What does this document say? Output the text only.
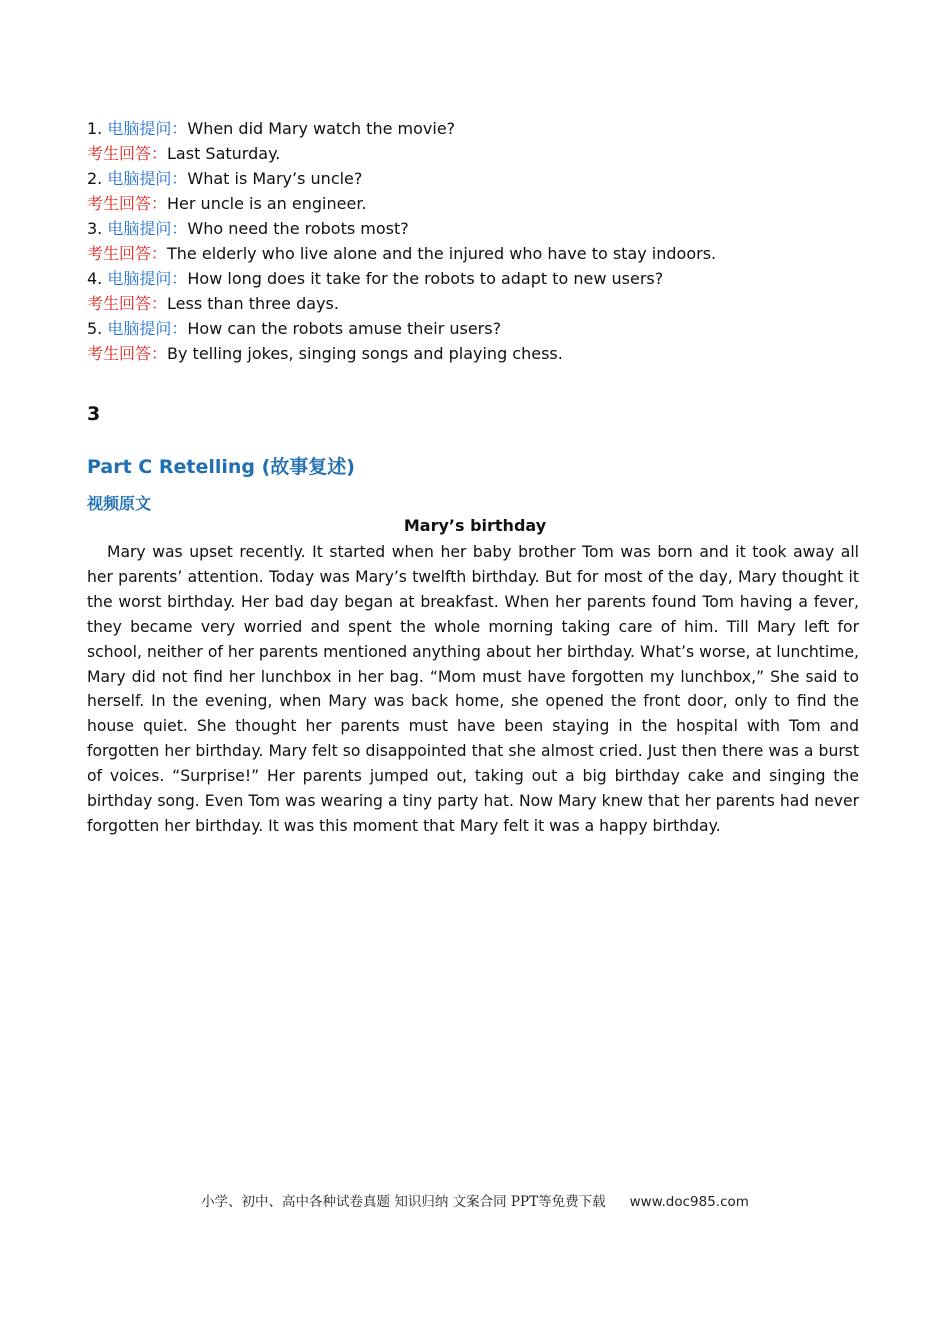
1. 电脑提问：When did Mary watch the movie?
考生回答：Last Saturday.
2. 电脑提问：What is Mary’s uncle?
考生回答：Her uncle is an engineer.
3. 电脑提问：Who need the robots most?
考生回答：The elderly who live alone and the injured who have to stay indoors.
4. 电脑提问：How long does it take for the robots to adapt to new users?
考生回答：Less than three days.
5. 电脑提问：How can the robots amuse their users?
考生回答：By telling jokes, singing songs and playing chess.
3
Part C Retelling (故事复述)
视频原文
Mary’s birthday
Mary was upset recently. It started when her baby brother Tom was born and it took away all her parents’ attention. Today was Mary’s twelfth birthday. But for most of the day, Mary thought it the worst birthday. Her bad day began at breakfast. When her parents found Tom having a fever, they became very worried and spent the whole morning taking care of him. Till Mary left for school, neither of her parents mentioned anything about her birthday. What’s worse, at lunchtime, Mary did not find her lunchbox in her bag. “Mom must have forgotten my lunchbox,” She said to herself. In the evening, when Mary was back home, she opened the front door, only to find the house quiet. She thought her parents must have been staying in the hospital with Tom and forgotten her birthday. Mary felt so disappointed that she almost cried. Just then there was a burst of voices. “Surprise!” Her parents jumped out, taking out a big birthday cake and singing the birthday song. Even Tom was wearing a tiny party hat. Now Mary knew that her parents had never forgotten her birthday. It was this moment that Mary felt it was a happy birthday.
小学、初中、高中各种试卷真题 知识归纳 文案合同 PPT等免费下载 www.doc985.com
